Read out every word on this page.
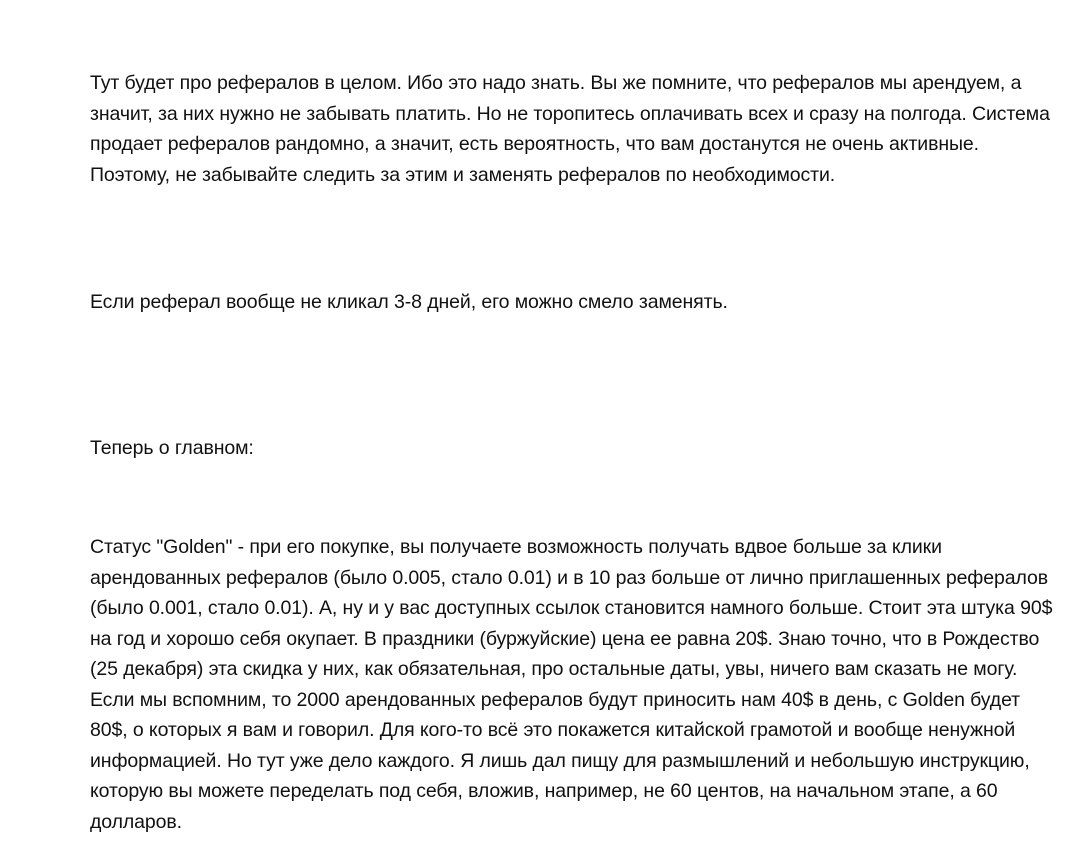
Тут будет про рефералов в целом. Ибо это надо знать. Вы же помните, что рефералов мы арендуем, а значит, за них нужно не забывать платить. Но не торопитесь оплачивать всех и сразу на полгода. Система продает рефералов рандомно, а значит, есть вероятность, что вам достанутся не очень активные. Поэтому, не забывайте следить за этим и заменять рефералов по необходимости.

Если реферал вообще не кликал 3-8 дней, его можно смело заменять.

Теперь о главном:

Статус "Golden" - при его покупке, вы получаете возможность получать вдвое больше за клики арендованных рефералов (было 0.005, стало 0.01) и в 10 раз больше от лично приглашенных рефералов (было 0.001, стало 0.01). А, ну и у вас доступных ссылок становится намного больше. Стоит эта штука 90$ на год и хорошо себя окупает. В праздники (буржуйские) цена ее равна 20$. Знаю точно, что в Рождество (25 декабря) эта скидка у них, как обязательная, про остальные даты, увы, ничего вам сказать не могу. Если мы вспомним, то 2000 арендованных рефералов будут приносить нам 40$ в день, с Golden будет 80$, о которых я вам и говорил. Для кого-то всё это покажется китайской грамотой и вообще ненужной информацией. Но тут уже дело каждого. Я лишь дал пищу для размышлений и небольшую инструкцию, которую вы можете переделать под себя, вложив, например, не 60 центов, на начальном этапе, а 60 долларов.
